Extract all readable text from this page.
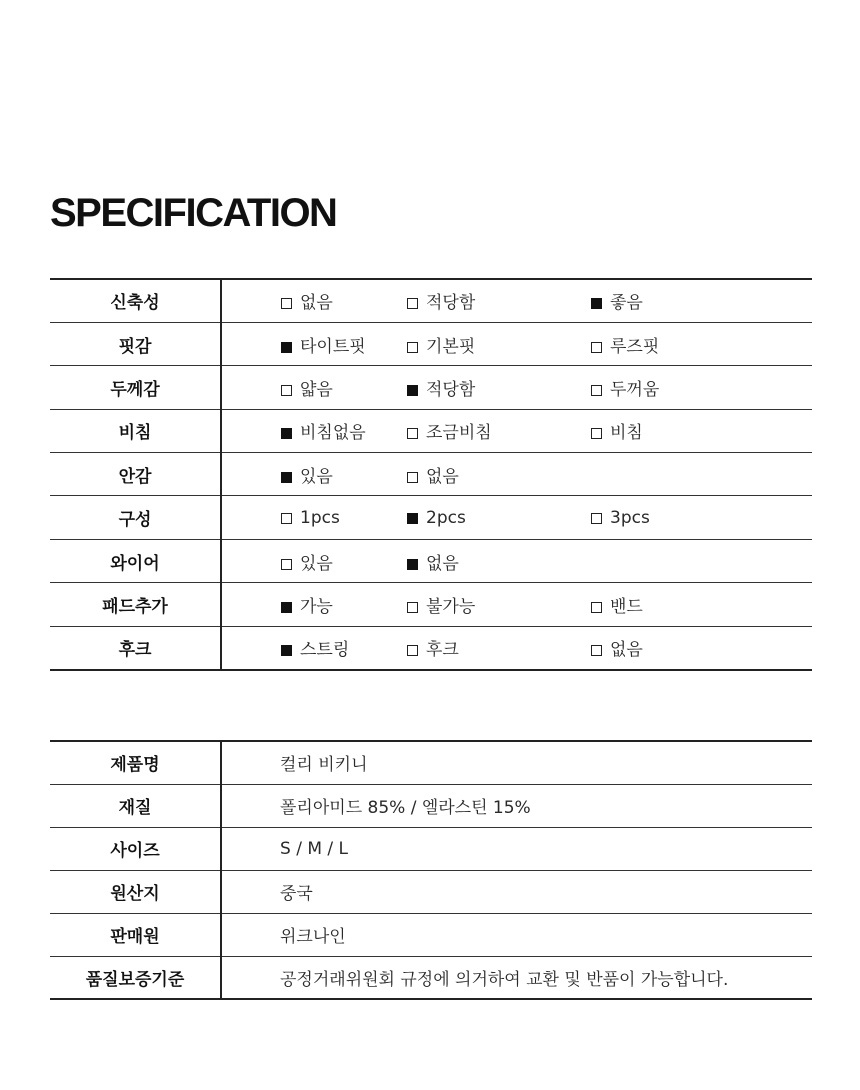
SPECIFICATION
신축성	없음	적당함	좋음
핏감	타이트핏	기본핏	루즈핏
두께감	얇음	적당함	두꺼움
비침	비침없음	조금비침	비침
안감	있음	없음	
구성	1pcs	2pcs	3pcs
와이어	있음	없음	
패드추가	가능	불가능	밴드
후크	스트링	후크	없음
제품명	컬리 비키니
재질	폴리아미드 85% / 엘라스틴 15%
사이즈	S / M / L
원산지	중국
판매원	위크나인
품질보증기준	공정거래위원회 규정에 의거하여 교환 및 반품이 가능합니다.
